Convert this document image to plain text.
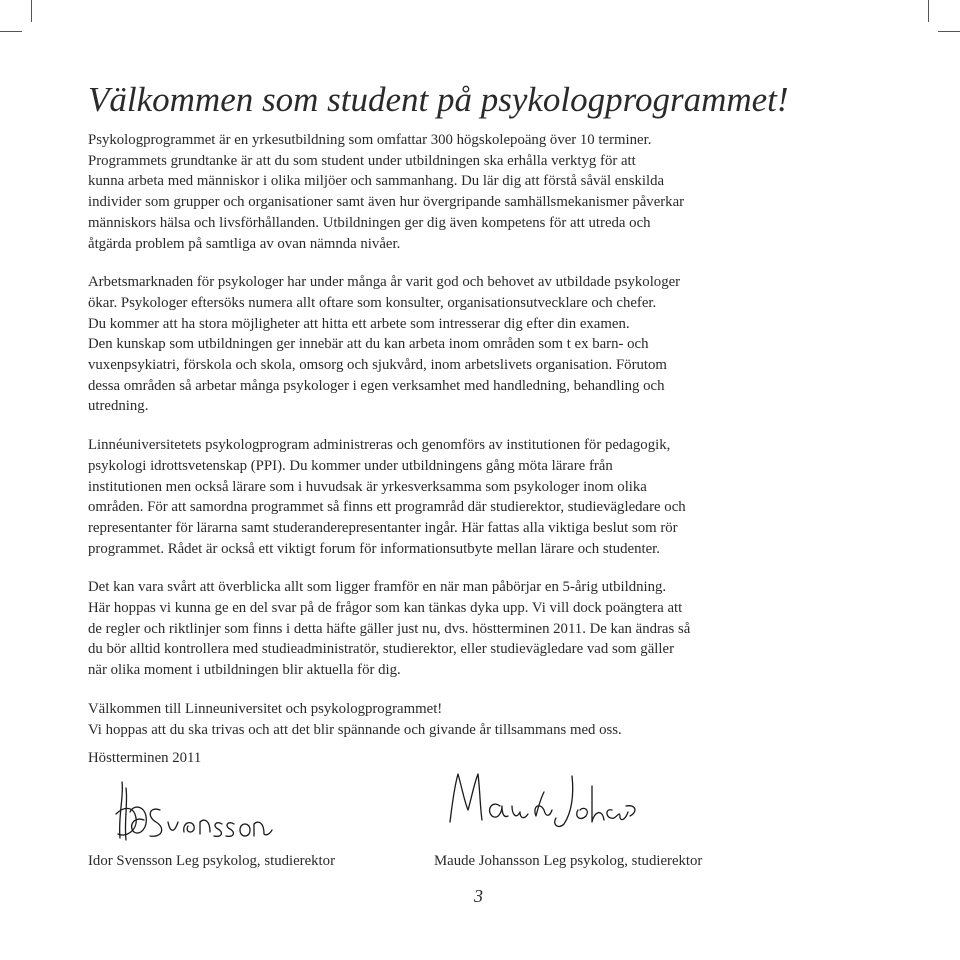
Välkommen som student på psykologprogrammet!

Psykologprogrammet är en yrkesutbildning som omfattar 300 högskolepoäng över 10 terminer.
Programmets grundtanke är att du som student under utbildningen ska erhålla verktyg för att
kunna arbeta med människor i olika miljöer och sammanhang. Du lär dig att förstå såväl enskilda
individer som grupper och organisationer samt även hur övergripande samhällsmekanismer påverkar
människors hälsa och livsförhållanden. Utbildningen ger dig även kompetens för att utreda och
åtgärda problem på samtliga av ovan nämnda nivåer.

Arbetsmarknaden för psykologer har under många år varit god och behovet av utbildade psykologer
ökar. Psykologer eftersöks numera allt oftare som konsulter, organisationsutvecklare och chefer.
Du kommer att ha stora möjligheter att hitta ett arbete som intresserar dig efter din examen.
Den kunskap som utbildningen ger innebär att du kan arbeta inom områden som t ex barn- och
vuxenpsykiatri, förskola och skola, omsorg och sjukvård, inom arbetslivets organisation. Förutom
dessa områden så arbetar många psykologer i egen verksamhet med handledning, behandling och
utredning.

Linnéuniversitetets psykologprogram administreras och genomförs av institutionen för pedagogik,
psykologi idrottsvetenskap (PPI). Du kommer under utbildningens gång möta lärare från
institutionen men också lärare som i huvudsak är yrkesverksamma som psykologer inom olika
områden. För att samordna programmet så finns ett programråd där studierektor, studievägledare och
representanter för lärarna samt studeranderepresentanter ingår. Här fattas alla viktiga beslut som rör
programmet. Rådet är också ett viktigt forum för informationsutbyte mellan lärare och studenter.

Det kan vara svårt att överblicka allt som ligger framför en när man påbörjar en 5-årig utbildning.
Här hoppas vi kunna ge en del svar på de frågor som kan tänkas dyka upp. Vi vill dock poängtera att
de regler och riktlinjer som finns i detta häfte gäller just nu, dvs. höstterminen 2011. De kan ändras så
du bör alltid kontrollera med studieadministratör, studierektor, eller studievägledare vad som gäller
när olika moment i utbildningen blir aktuella för dig.

Välkommen till Linneuniversitet och psykologprogrammet!
Vi hoppas att du ska trivas och att det blir spännande och givande år tillsammans med oss.

Höstterminen 2011
Idor Svensson Leg psykolog, studierektor	Maude Johansson Leg psykolog, studierektor
3
